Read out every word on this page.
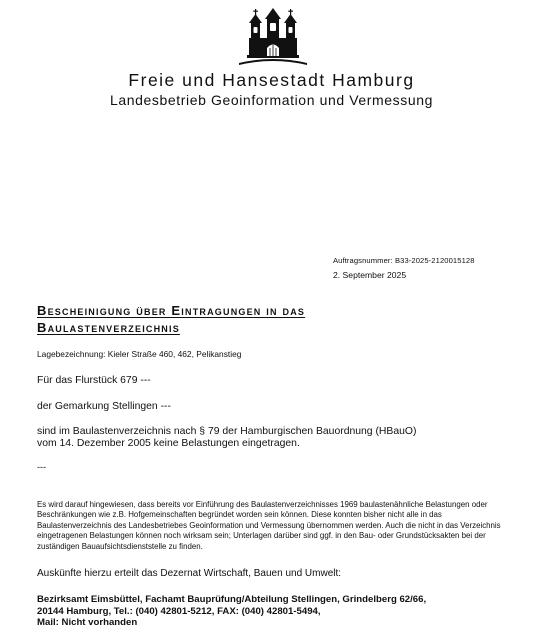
Freie und Hansestadt Hamburg
Landesbetrieb Geoinformation und Vermessung
Auftragsnummer: B33-2025-2120015128
2. September 2025
Bescheinigung über Eintragungen in das
Baulastenverzeichnis
Lagebezeichnung: Kieler Straße 460, 462, Pelikanstieg
Für das Flurstück 679 ---
der Gemarkung Stellingen ---
sind im Baulastenverzeichnis nach § 79 der Hamburgischen Bauordnung (HBauO)
vom 14. Dezember 2005 keine Belastungen eingetragen.
---
Es wird darauf hingewiesen, dass bereits vor Einführung des Baulastenverzeichnisses 1969 baulastenähnliche Belastungen oder Beschränkungen wie z.B. Hofgemeinschaften begründet worden sein können. Diese konnten bisher nicht alle in das Baulastenverzeichnis des Landesbetriebes Geoinformation und Vermessung übernommen werden. Auch die nicht in das Verzeichnis eingetragenen Belastungen können noch wirksam sein; Unterlagen darüber sind ggf. in den Bau- oder Grundstücksakten bei der zuständigen Bauaufsichtsdienststelle zu finden.
Auskünfte hierzu erteilt das Dezernat Wirtschaft, Bauen und Umwelt:
Bezirksamt Eimsbüttel, Fachamt Bauprüfung/Abteilung Stellingen, Grindelberg 62/66,
20144 Hamburg, Tel.: (040) 42801-5212, FAX: (040) 42801-5494,
Mail: Nicht vorhanden
